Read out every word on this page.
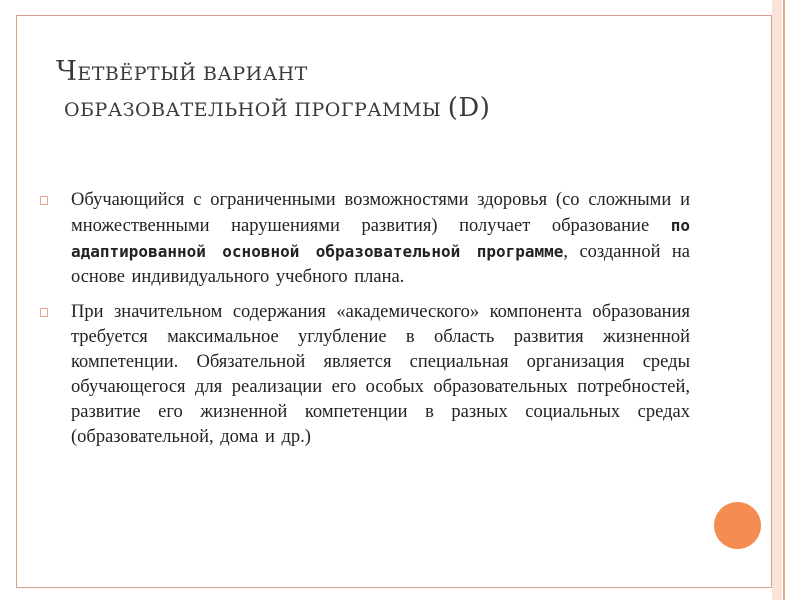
ЧЕТВЁРТЫЙ ВАРИАНТ
ОБРАЗОВАТЕЛЬНОЙ ПРОГРАММЫ (D)
Обучающийся с ограниченными возможностями здоровья (со сложными и множественными нарушениями развития) получает образование по адаптированной основной образовательной программе, созданной на основе индивидуального учебного плана.
При значительном содержания «академического» компонента образования требуется максимальное углубление в область развития жизненной компетенции. Обязательной является специальная организация среды обучающегося для реализации его особых образовательных потребностей, развитие его жизненной компетенции в разных социальных средах (образовательной, дома и др.)
